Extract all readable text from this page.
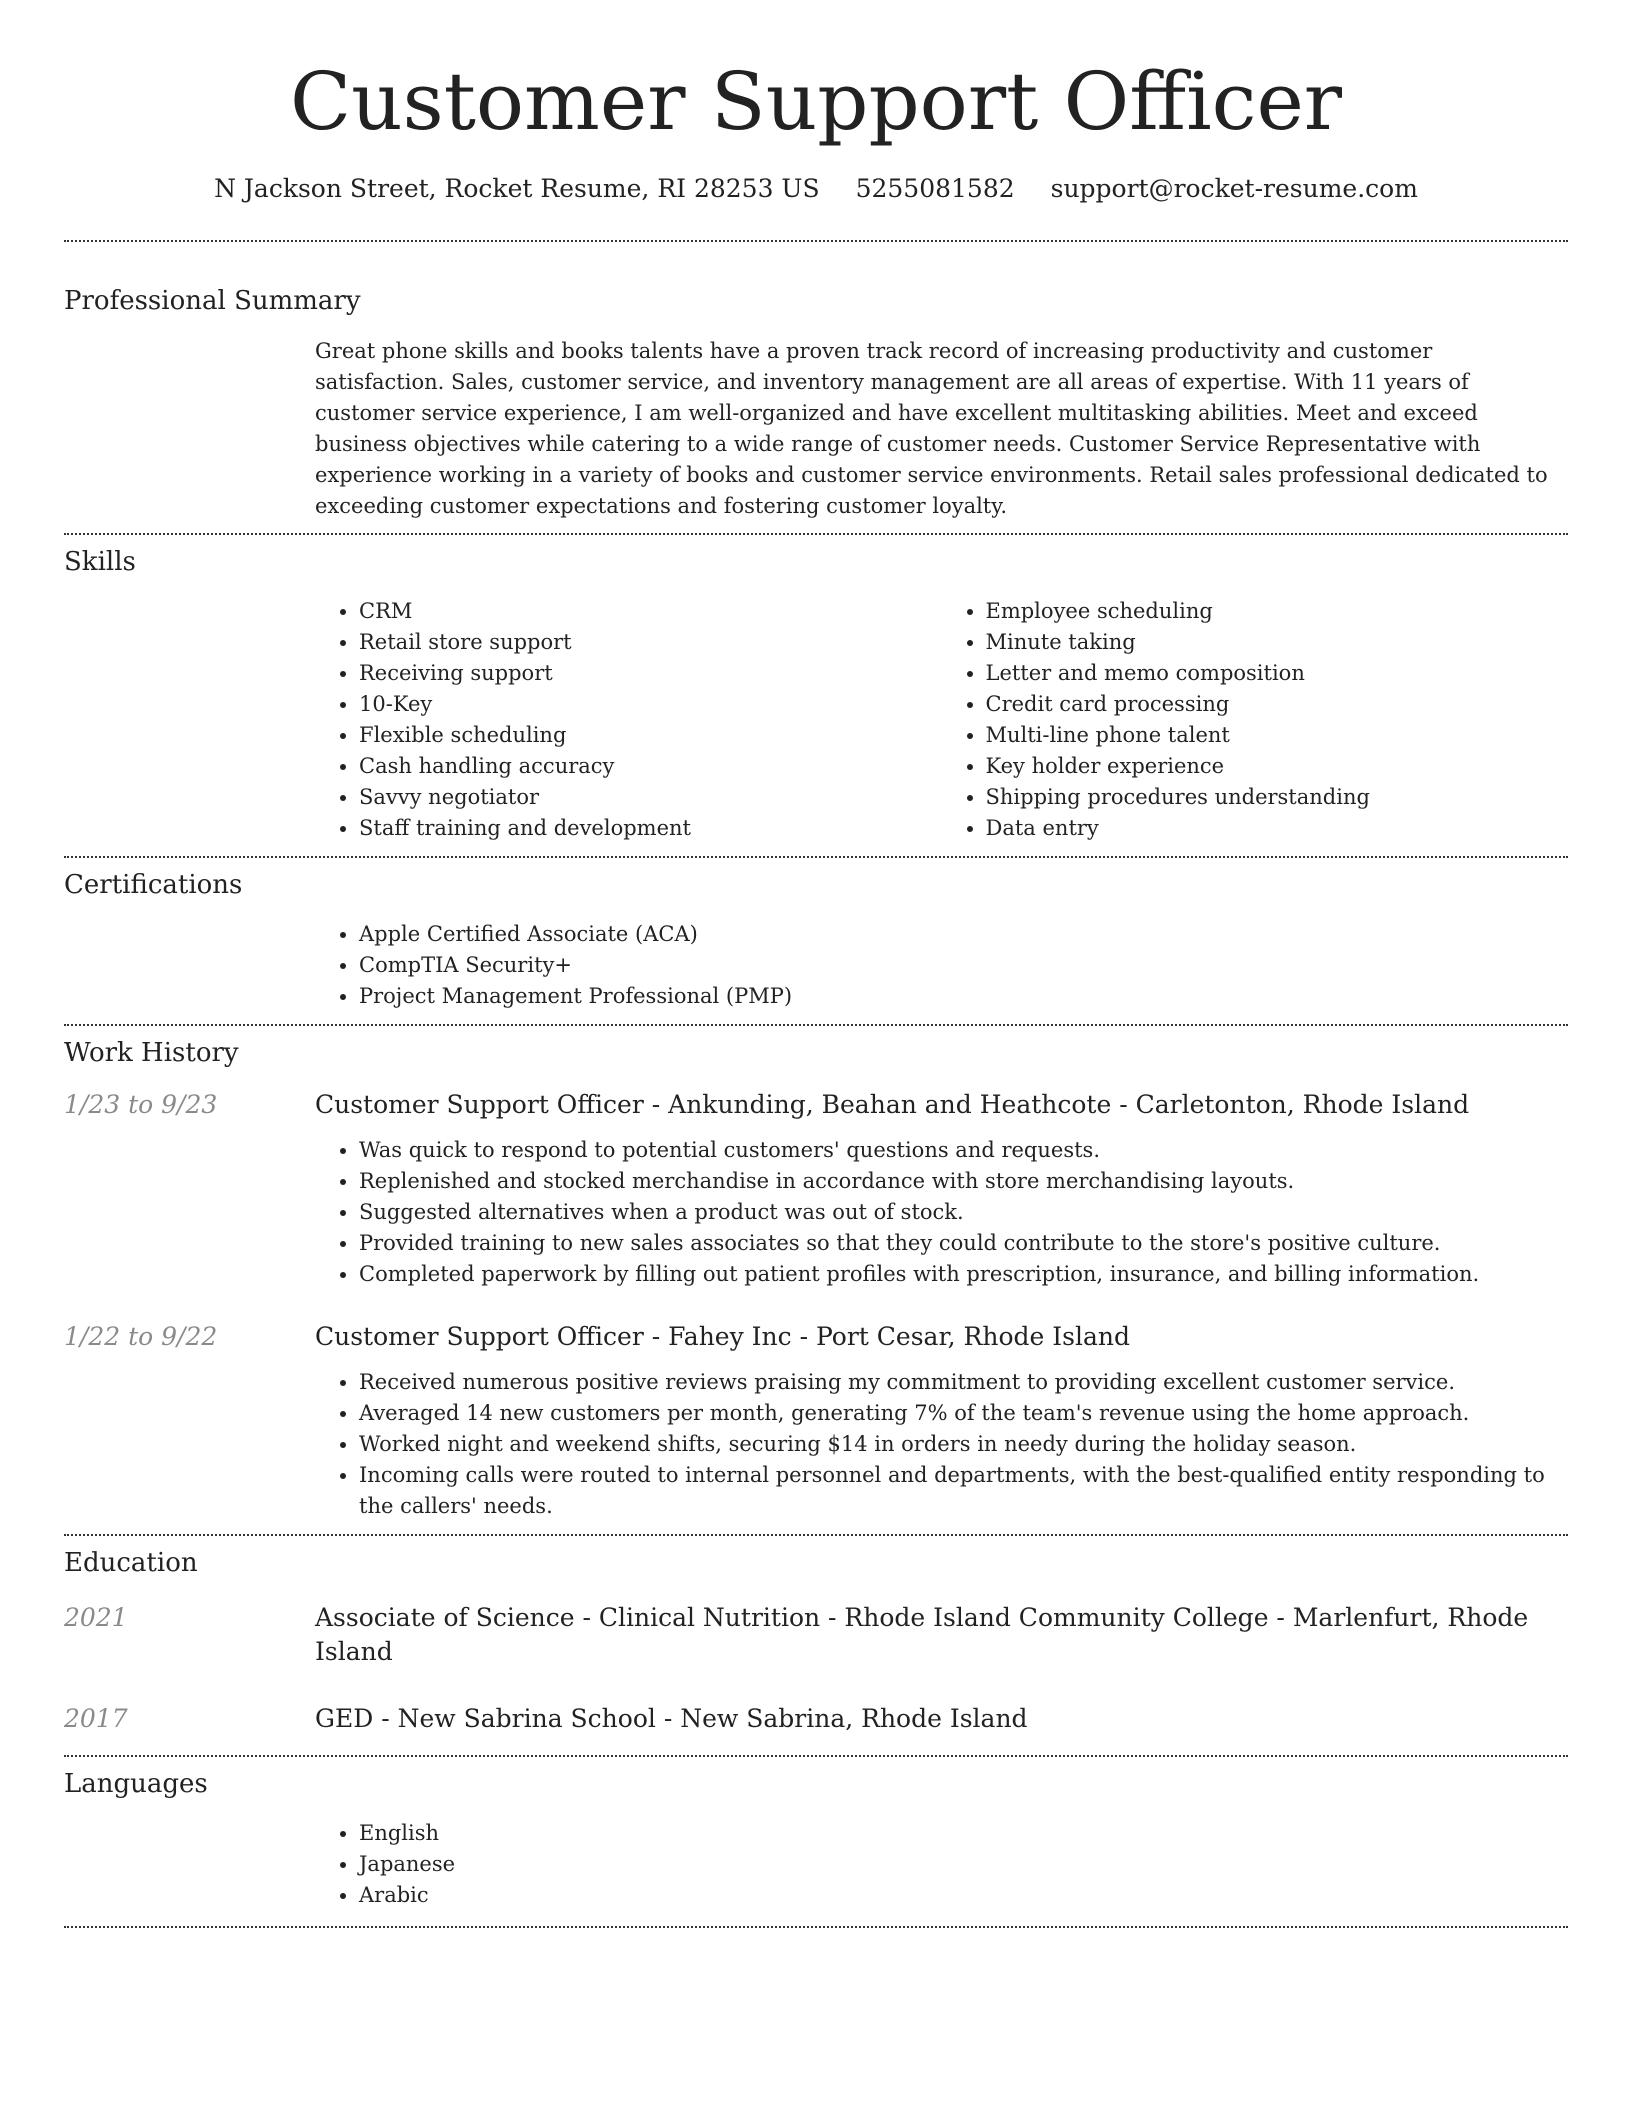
Customer Support Officer
N Jackson Street, Rocket Resume, RI 28253 US 5255081582 support@rocket-resume.com
Professional Summary
Great phone skills and books talents have a proven track record of increasing productivity and customer satisfaction. Sales, customer service, and inventory management are all areas of expertise. With 11 years of customer service experience, I am well-organized and have excellent multitasking abilities. Meet and exceed business objectives while catering to a wide range of customer needs. Customer Service Representative with experience working in a variety of books and customer service environments. Retail sales professional dedicated to exceeding customer expectations and fostering customer loyalty.
Skills
• CRM
• Retail store support
• Receiving support
• 10-Key
• Flexible scheduling
• Cash handling accuracy
• Savvy negotiator
• Staff training and development
• Employee scheduling
• Minute taking
• Letter and memo composition
• Credit card processing
• Multi-line phone talent
• Key holder experience
• Shipping procedures understanding
• Data entry
Certifications
• Apple Certified Associate (ACA)
• CompTIA Security+
• Project Management Professional (PMP)
Work History
1/23 to 9/23	Customer Support Officer - Ankunding, Beahan and Heathcote - Carletonton, Rhode Island
• Was quick to respond to potential customers' questions and requests.
• Replenished and stocked merchandise in accordance with store merchandising layouts.
• Suggested alternatives when a product was out of stock.
• Provided training to new sales associates so that they could contribute to the store's positive culture.
• Completed paperwork by filling out patient profiles with prescription, insurance, and billing information.
1/22 to 9/22	Customer Support Officer - Fahey Inc - Port Cesar, Rhode Island
• Received numerous positive reviews praising my commitment to providing excellent customer service.
• Averaged 14 new customers per month, generating 7% of the team's revenue using the home approach.
• Worked night and weekend shifts, securing $14 in orders in needy during the holiday season.
• Incoming calls were routed to internal personnel and departments, with the best-qualified entity responding to the callers' needs.
Education
2021	Associate of Science - Clinical Nutrition - Rhode Island Community College - Marlenfurt, Rhode Island
2017	GED - New Sabrina School - New Sabrina, Rhode Island
Languages
• English
• Japanese
• Arabic
